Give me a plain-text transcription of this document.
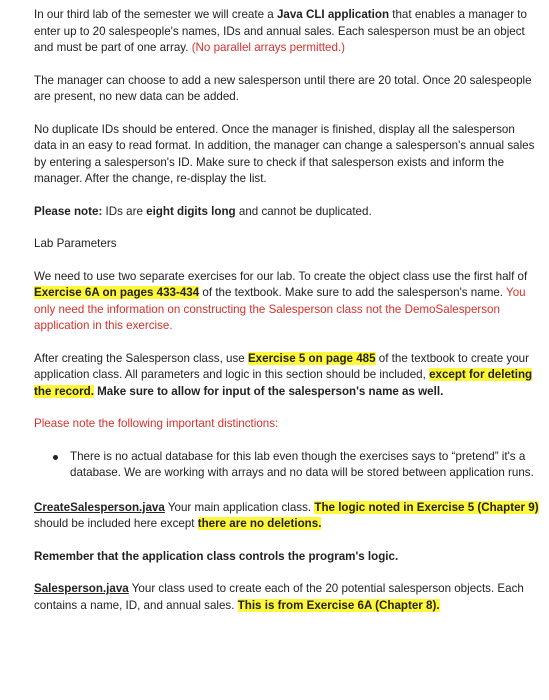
In our third lab of the semester we will create a Java CLI application that enables a manager to enter up to 20 salespeople's names, IDs and annual sales. Each salesperson must be an object and must be part of one array. (No parallel arrays permitted.)

The manager can choose to add a new salesperson until there are 20 total. Once 20 salespeople are present, no new data can be added.

No duplicate IDs should be entered. Once the manager is finished, display all the salesperson data in an easy to read format. In addition, the manager can change a salesperson's annual sales by entering a salesperson's ID. Make sure to check if that salesperson exists and inform the manager. After the change, re-display the list.

Please note: IDs are eight digits long and cannot be duplicated.

Lab Parameters

We need to use two separate exercises for our lab. To create the object class use the first half of Exercise 6A on pages 433-434 of the textbook. Make sure to add the salesperson's name. You only need the information on constructing the Salesperson class not the DemoSalesperson application in this exercise.

After creating the Salesperson class, use Exercise 5 on page 485 of the textbook to create your application class. All parameters and logic in this section should be included, except for deleting the record. Make sure to allow for input of the salesperson's name as well.

Please note the following important distinctions:

There is no actual database for this lab even though the exercises says to “pretend” it's a database. We are working with arrays and no data will be stored between application runs.

CreateSalesperson.java Your main application class. The logic noted in Exercise 5 (Chapter 9) should be included here except there are no deletions.

Remember that the application class controls the program's logic.

Salesperson.java Your class used to create each of the 20 potential salesperson objects. Each contains a name, ID, and annual sales. This is from Exercise 6A (Chapter 8).
